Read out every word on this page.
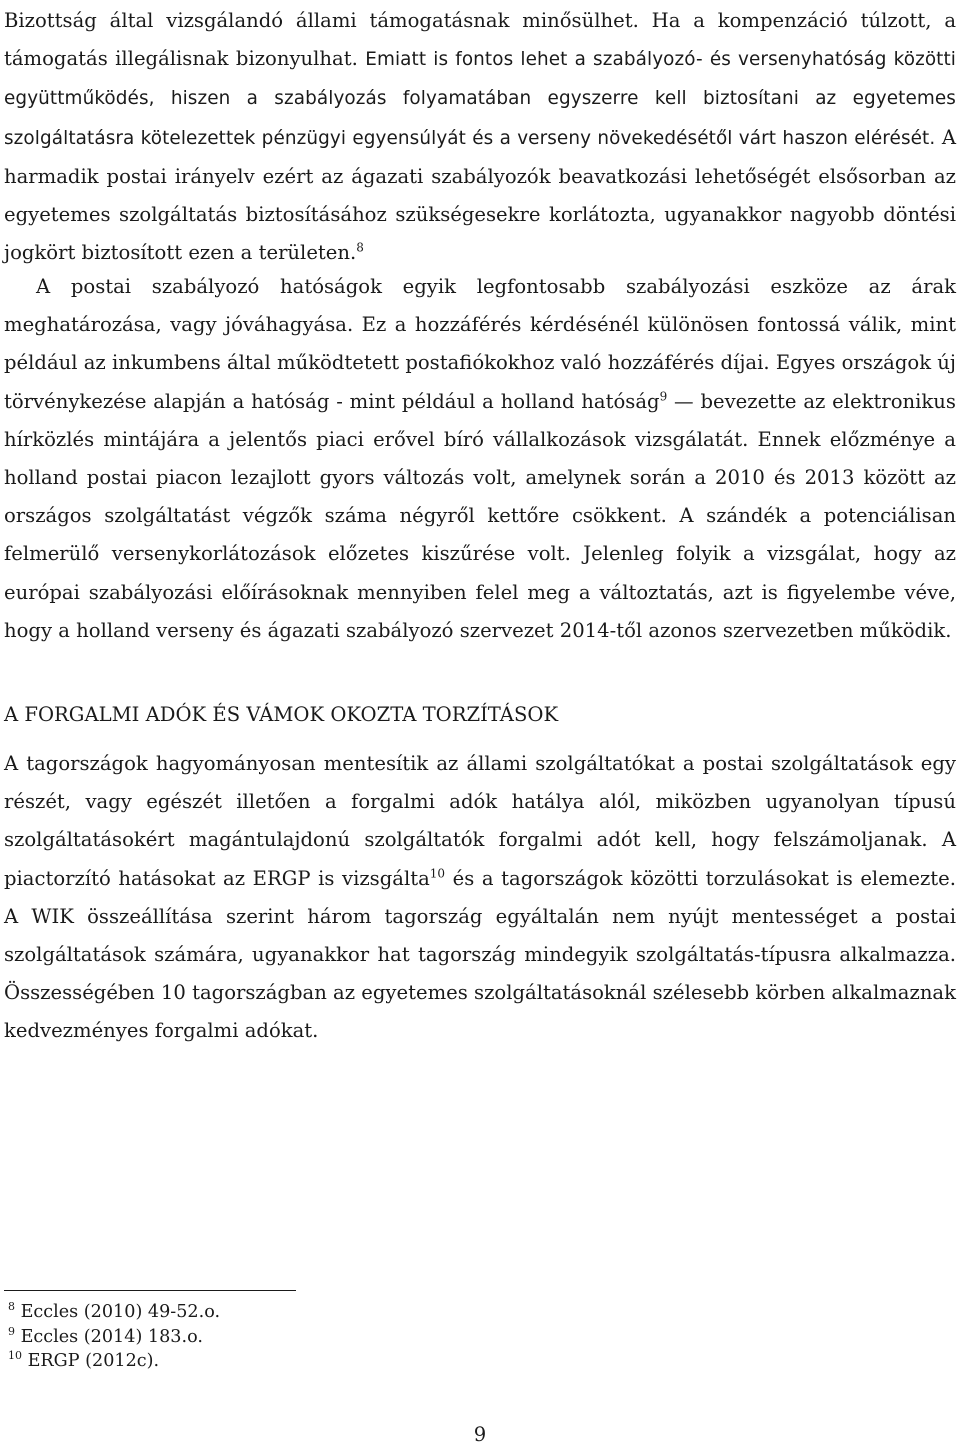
Bizottság által vizsgálandó állami támogatásnak minősülhet. Ha a kompenzáció túlzott, a támogatás illegálisnak bizonyulhat. Emiatt is fontos lehet a szabályozó- és versenyhatóság közötti együttműködés, hiszen a szabályozás folyamatában egyszerre kell biztosítani az egyetemes szolgáltatásra kötelezettek pénzügyi egyensúlyát és a verseny növekedésétől várt haszon elérését. A harmadik postai irányelv ezért az ágazati szabályozók beavatkozási lehetőségét elsősorban az egyetemes szolgáltatás biztosításához szükségesekre korlátozta, ugyanakkor nagyobb döntési jogkört biztosított ezen a területen.$^8$

A postai szabályozó hatóságok egyik legfontosabb szabályozási eszköze az árak meghatározása, vagy jóváhagyása. Ez a hozzáférés kérdésénél különösen fontossá válik, mint például az inkumbens által működtetett postafiókokhoz való hozzáférés díjai. Egyes országok új törvénykezése alapján a hatóság - mint például a holland hatóság$^9$ — bevezette az elektronikus hírközlés mintájára a jelentős piaci erővel bíró vállalkozások vizsgálatát. Ennek előzménye a holland postai piacon lezajlott gyors változás volt, amelynek során a 2010 és 2013 között az országos szolgáltatást végzők száma négyről kettőre csökkent. A szándék a potenciálisan felmerülő versenykorlátozások előzetes kiszűrése volt. Jelenleg folyik a vizsgálat, hogy az európai szabályozási előírásoknak mennyiben felel meg a változtatás, azt is figyelembe véve, hogy a holland verseny és ágazati szabályozó szervezet 2014-től azonos szervezetben működik.

A FORGALMI ADÓK ÉS VÁMOK OKOZTA TORZÍTÁSOK

A tagországok hagyományosan mentesítik az állami szolgáltatókat a postai szolgáltatások egy részét, vagy egészét illetően a forgalmi adók hatálya alól, miközben ugyanolyan típusú szolgáltatásokért magántulajdonú szolgáltatók forgalmi adót kell, hogy felszámoljanak. A piactorzító hatásokat az ERGP is vizsgálta$^{10}$ és a tagországok közötti torzulásokat is elemezte. A WIK összeállítása szerint három tagország egyáltalán nem nyújt mentességet a postai szolgáltatások számára, ugyanakkor hat tagország mindegyik szolgáltatás-típusra alkalmazza. Összességében 10 tagországban az egyetemes szolgáltatásoknál szélesebb körben alkalmaznak kedvezményes forgalmi adókat.

$^8$ Eccles (2010) 49-52.o.
$^9$ Eccles (2014) 183.o.
$^{10}$ ERGP (2012c).
9
